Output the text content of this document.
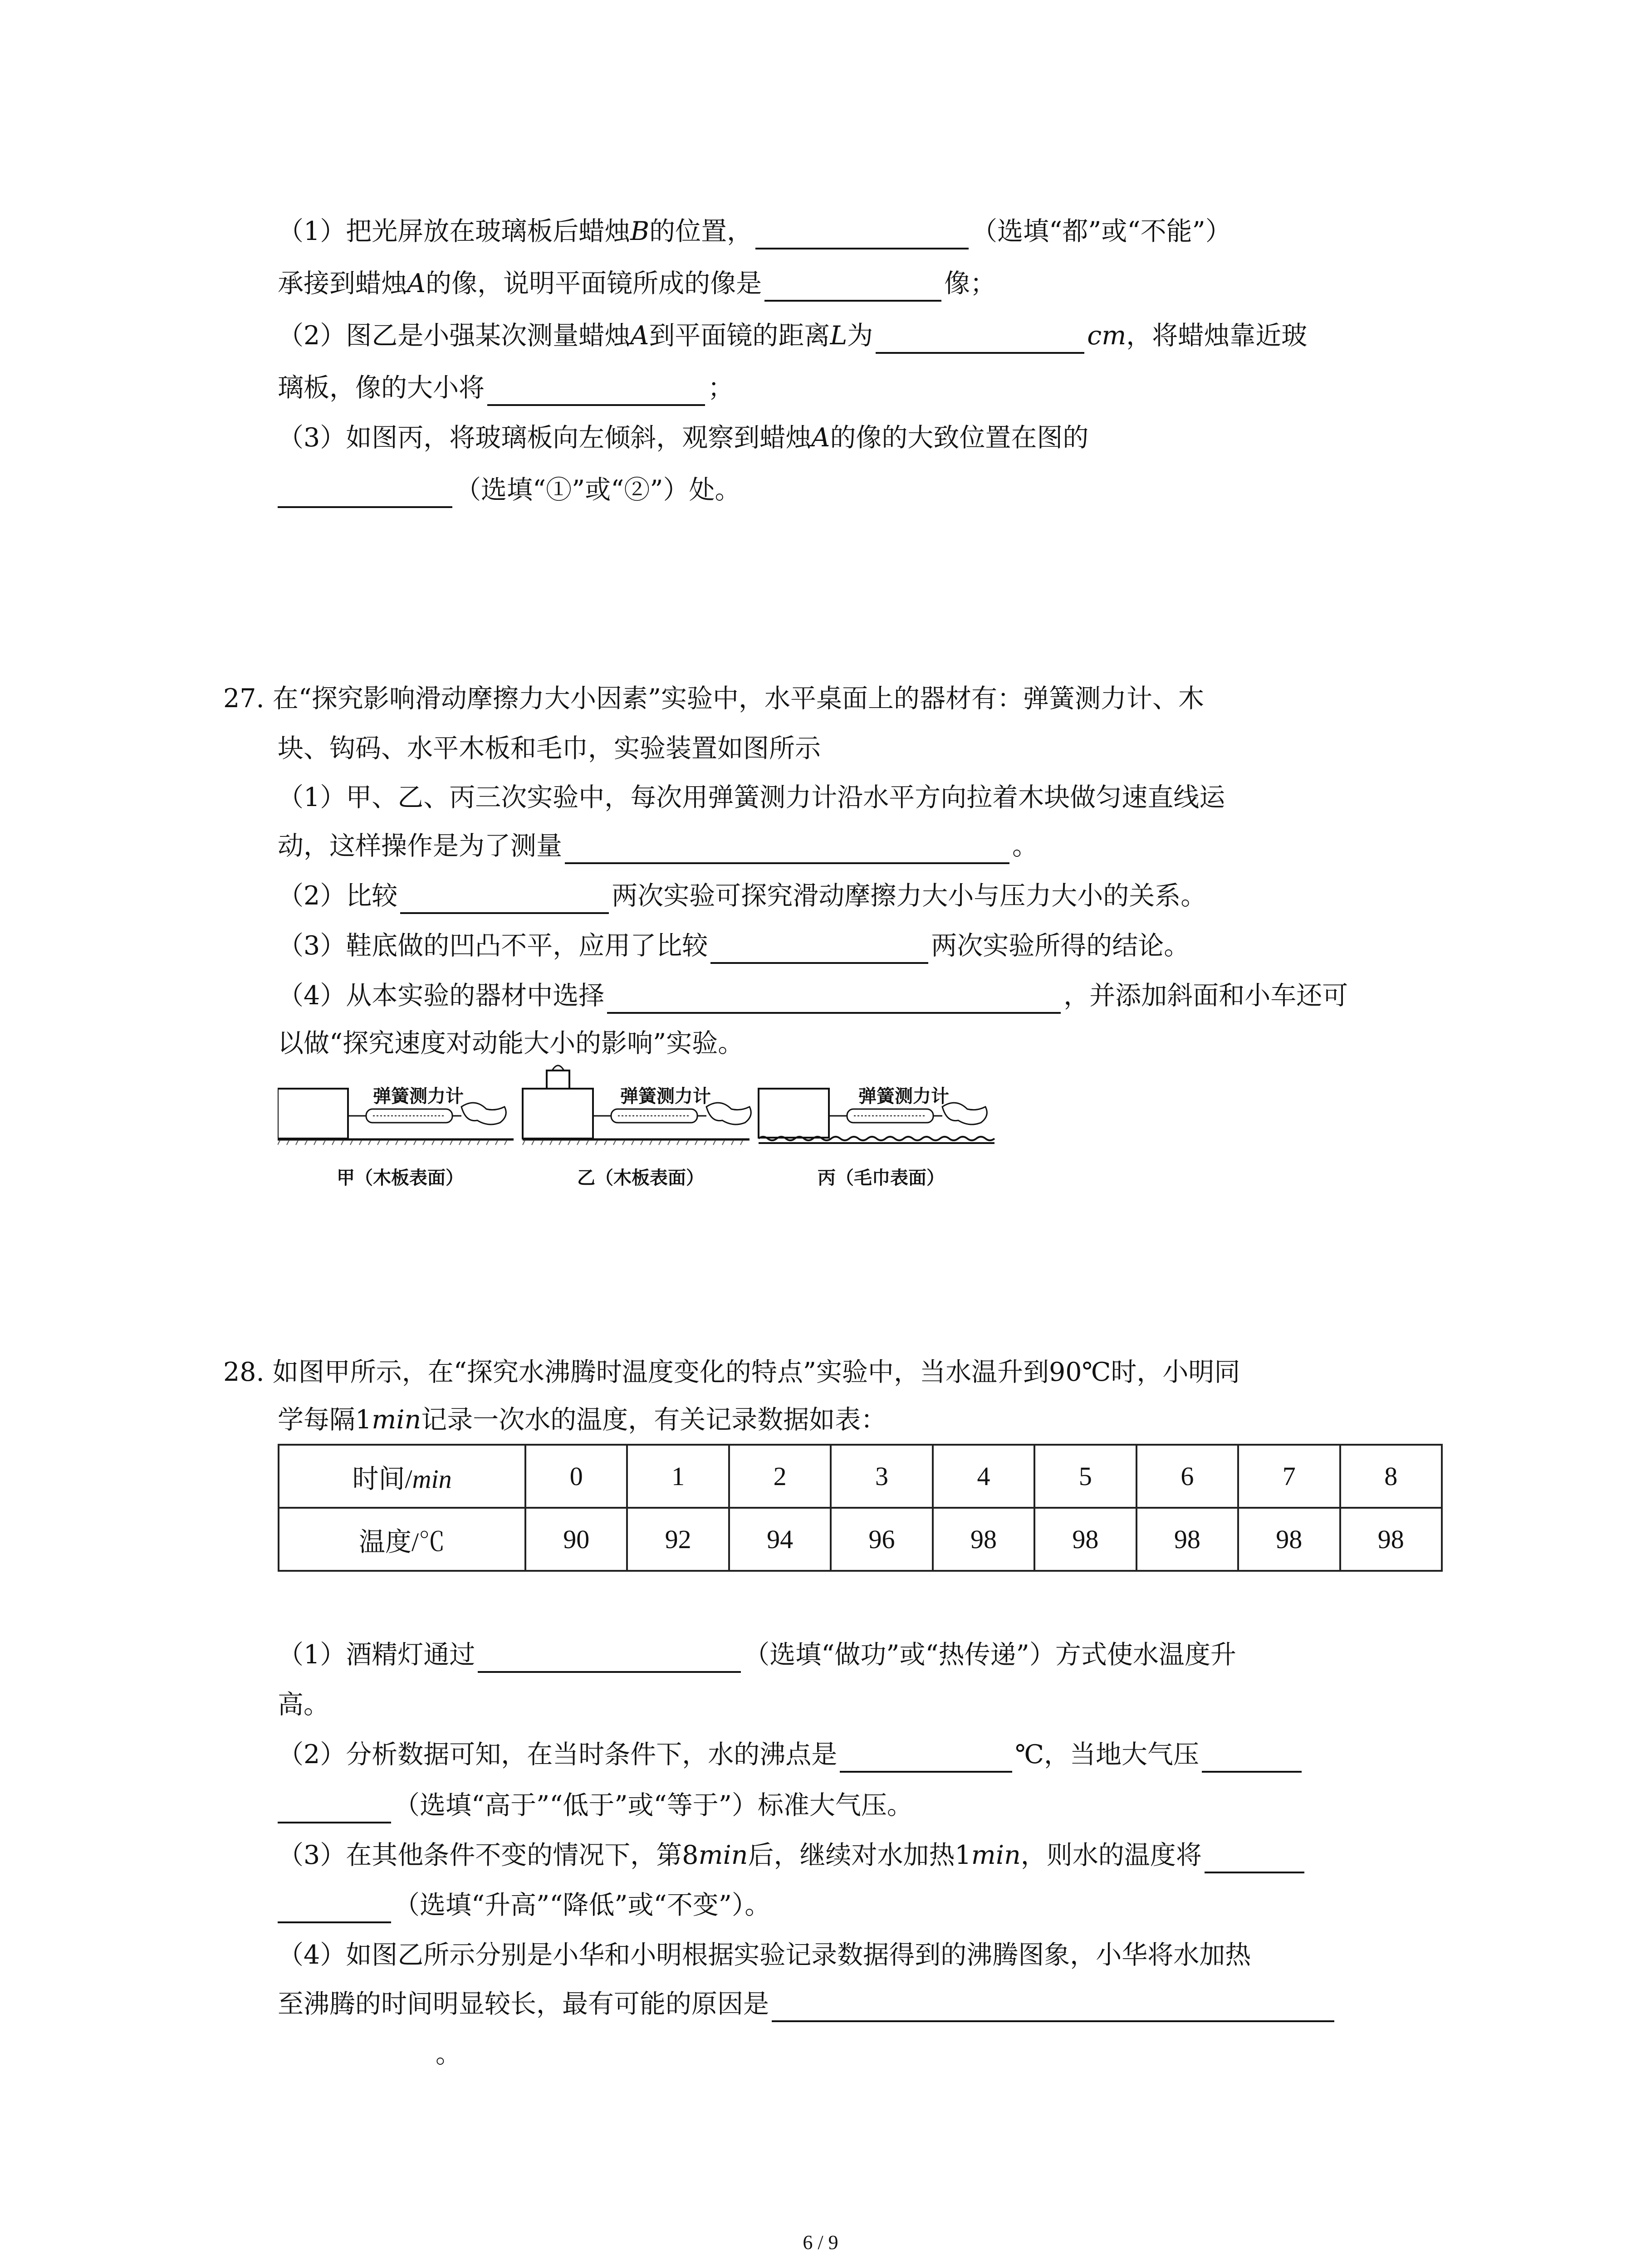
（1）把光屏放在玻璃板后蜡烛B的位置，	（选填“都”或“不能”）
承接到蜡烛A的像，说明平面镜所成的像是	像；
（2）图乙是小强某次测量蜡烛A到平面镜的距离L为	cm，将蜡烛靠近玻
璃板，像的大小将	；
（3）如图丙，将玻璃板向左倾斜，观察到蜡烛A的像的大致位置在图的
（选填“①”或“②”）处。
27. 在“探究影响滑动摩擦力大小因素”实验中，水平桌面上的器材有：弹簧测力计、木
块、钩码、水平木板和毛巾，实验装置如图所示
（1）甲、乙、丙三次实验中，每次用弹簧测力计沿水平方向拉着木块做匀速直线运
动，这样操作是为了测量	。
（2）比较	两次实验可探究滑动摩擦力大小与压力大小的关系。
（3）鞋底做的凹凸不平，应用了比较	两次实验所得的结论。
（4）从本实验的器材中选择	，并添加斜面和小车还可
以做“探究速度对动能大小的影响”实验。
弹簧测力计
甲（木板表面）
弹簧测力计
乙（木板表面）
弹簧测力计
丙（毛巾表面）
28. 如图甲所示，在“探究水沸腾时温度变化的特点”实验中，当水温升到90℃时，小明同
学每隔1min记录一次水的温度，有关记录数据如表：
时间/min	0	1	2	3	4	5	6	7	8
温度/℃	90	92	94	96	98	98	98	98	98
（1）酒精灯通过	（选填“做功”或“热传递”）方式使水温度升
高。
（2）分析数据可知，在当时条件下，水的沸点是	℃，当地大气压
（选填“高于”“低于”或“等于”）标准大气压。
（3）在其他条件不变的情况下，第8min后，继续对水加热1min，则水的温度将
（选填“升高”“降低”或“不变”）。
（4）如图乙所示分别是小华和小明根据实验记录数据得到的沸腾图象，小华将水加热
至沸腾的时间明显较长，最有可能的原因是
。
6 / 9
